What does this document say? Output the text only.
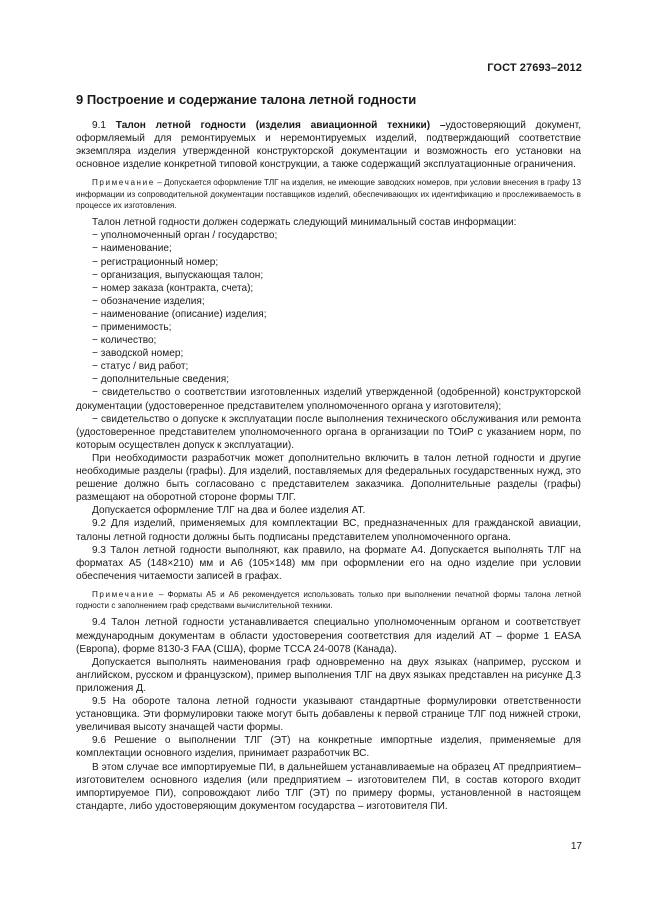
ГОСТ 27693–2012
9 Построение и содержание талона летной годности

9.1 Талон летной годности (изделия авиационной техники) –удостоверяющий документ, оформляемый для ремонтируемых и неремонтируемых изделий, подтверждающий соответствие экземпляра изделия утвержденной конструкторской документации и возможность его установки на основное изделие конкретной типовой конструкции, а также содержащий эксплуатационные ограничения.

Примечание – Допускается оформление ТЛГ на изделия, не имеющие заводских номеров, при условии внесения в графу 13 информации из сопроводительной документации поставщиков изделий, обеспечивающих их идентификацию и прослеживаемость в процессе их изготовления.

Талон летной годности должен содержать следующий минимальный состав информации:

− уполномоченный орган / государство;

− наименование;

− регистрационный номер;

− организация, выпускающая талон;

− номер заказа (контракта, счета);

− обозначение изделия;

− наименование (описание) изделия;

− применимость;

− количество;

− заводской номер;

− статус / вид работ;

− дополнительные сведения;

− свидетельство о соответствии изготовленных изделий утвержденной (одобренной) конструкторской документации (удостоверенное представителем уполномоченного органа у изготовителя);

− свидетельство о допуске к эксплуатации после выполнения технического обслуживания или ремонта (удостоверенное представителем уполномоченного органа в организации по ТОиР с указанием норм, по которым осуществлен допуск к эксплуатации).

При необходимости разработчик может дополнительно включить в талон летной годности и другие необходимые разделы (графы). Для изделий, поставляемых для федеральных государственных нужд, это решение должно быть согласовано с представителем заказчика. Дополнительные разделы (графы) размещают на оборотной стороне формы ТЛГ.

Допускается оформление ТЛГ на два и более изделия АТ.

9.2 Для изделий, применяемых для комплектации ВС, предназначенных для гражданской авиации, талоны летной годности должны быть подписаны представителем уполномоченного органа.

9.3 Талон летной годности выполняют, как правило, на формате А4. Допускается выполнять ТЛГ на форматах А5 (148×210) мм и А6 (105×148) мм при оформлении его на одно изделие при условии обеспечения читаемости записей в графах.

Примечание – Форматы А5 и А6 рекомендуется использовать только при выполнении печатной формы талона летной годности с заполнением граф средствами вычислительной техники.

9.4 Талон летной годности устанавливается специально уполномоченным органом и соответствует международным документам в области удостоверения соответствия для изделий АТ – форме 1 EASA (Европа), форме 8130-3 FAA (США), форме TCCA 24-0078 (Канада).

Допускается выполнять наименования граф одновременно на двух языках (например, русском и английском, русском и французском), пример выполнения ТЛГ на двух языках представлен на рисунке Д.3 приложения Д.

9.5 На обороте талона летной годности указывают стандартные формулировки ответственности установщика. Эти формулировки также могут быть добавлены к первой странице ТЛГ под нижней строки, увеличивая высоту значащей части формы.

9.6 Решение о выполнении ТЛГ (ЭТ) на конкретные импортные изделия, применяемые для комплектации основного изделия, принимает разработчик ВС.

В этом случае все импортируемые ПИ, в дальнейшем устанавливаемые на образец АТ предприятием–изготовителем основного изделия (или предприятием – изготовителем ПИ, в состав которого входит импортируемое ПИ), сопровождают либо ТЛГ (ЭТ) по примеру формы, установленной в настоящем стандарте, либо удостоверяющим документом государства – изготовителя ПИ.

17
